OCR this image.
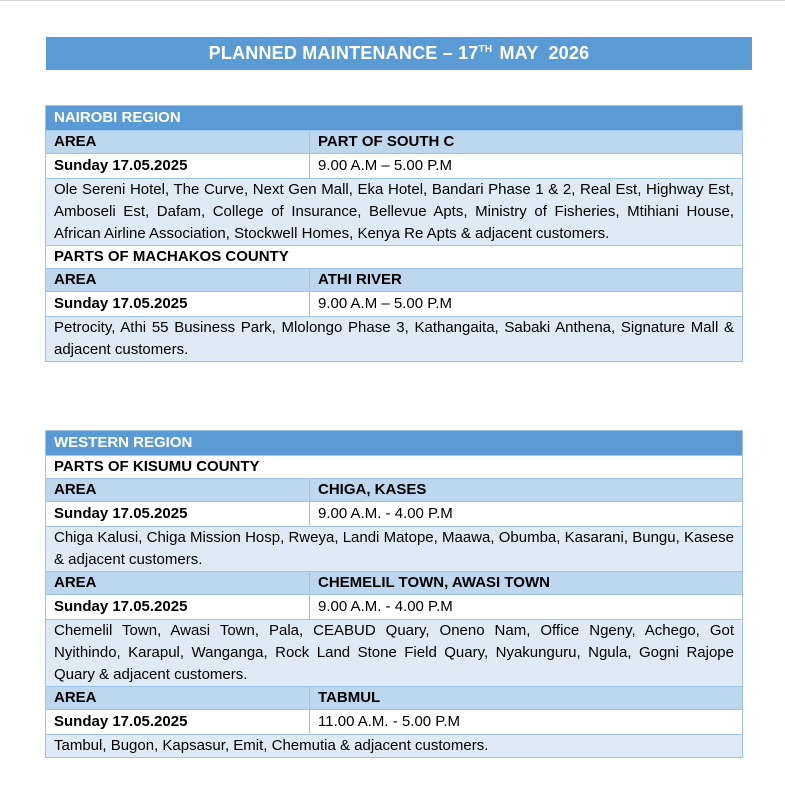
PLANNED MAINTENANCE – 17TH MAY  2026
NAIROBI REGION	
AREA	PART OF SOUTH C
Sunday 17.05.2025	9.00 A.M – 5.00 P.M
Ole Sereni Hotel, The Curve, Next Gen Mall, Eka Hotel, Bandari Phase 1 & 2, Real Est, Highway Est, Amboseli Est, Dafam, College of Insurance, Bellevue Apts, Ministry of Fisheries, Mtihiani House, African Airline Association, Stockwell Homes, Kenya Re Apts & adjacent customers.	
PARTS OF MACHAKOS COUNTY	
AREA	ATHI RIVER
Sunday 17.05.2025	9.00 A.M – 5.00 P.M
Petrocity, Athi 55 Business Park, Mlolongo Phase 3, Kathangaita, Sabaki Anthena, Signature Mall & adjacent customers.	
WESTERN REGION	
PARTS OF KISUMU COUNTY	
AREA	CHIGA, KASES
Sunday 17.05.2025	9.00 A.M. - 4.00 P.M
Chiga Kalusi, Chiga Mission Hosp, Rweya, Landi Matope, Maawa, Obumba, Kasarani, Bungu, Kasese & adjacent customers.	
AREA	CHEMELIL TOWN, AWASI TOWN
Sunday 17.05.2025	9.00 A.M. - 4.00 P.M
Chemelil Town, Awasi Town, Pala, CEABUD Quary, Oneno Nam, Office Ngeny, Achego, Got Nyithindo, Karapul, Wanganga, Rock Land Stone Field Quary, Nyakunguru, Ngula, Gogni Rajope Quary & adjacent customers.	
AREA	TABMUL
Sunday 17.05.2025	11.00 A.M. - 5.00 P.M
Tambul, Bugon, Kapsasur, Emit, Chemutia & adjacent customers.	
